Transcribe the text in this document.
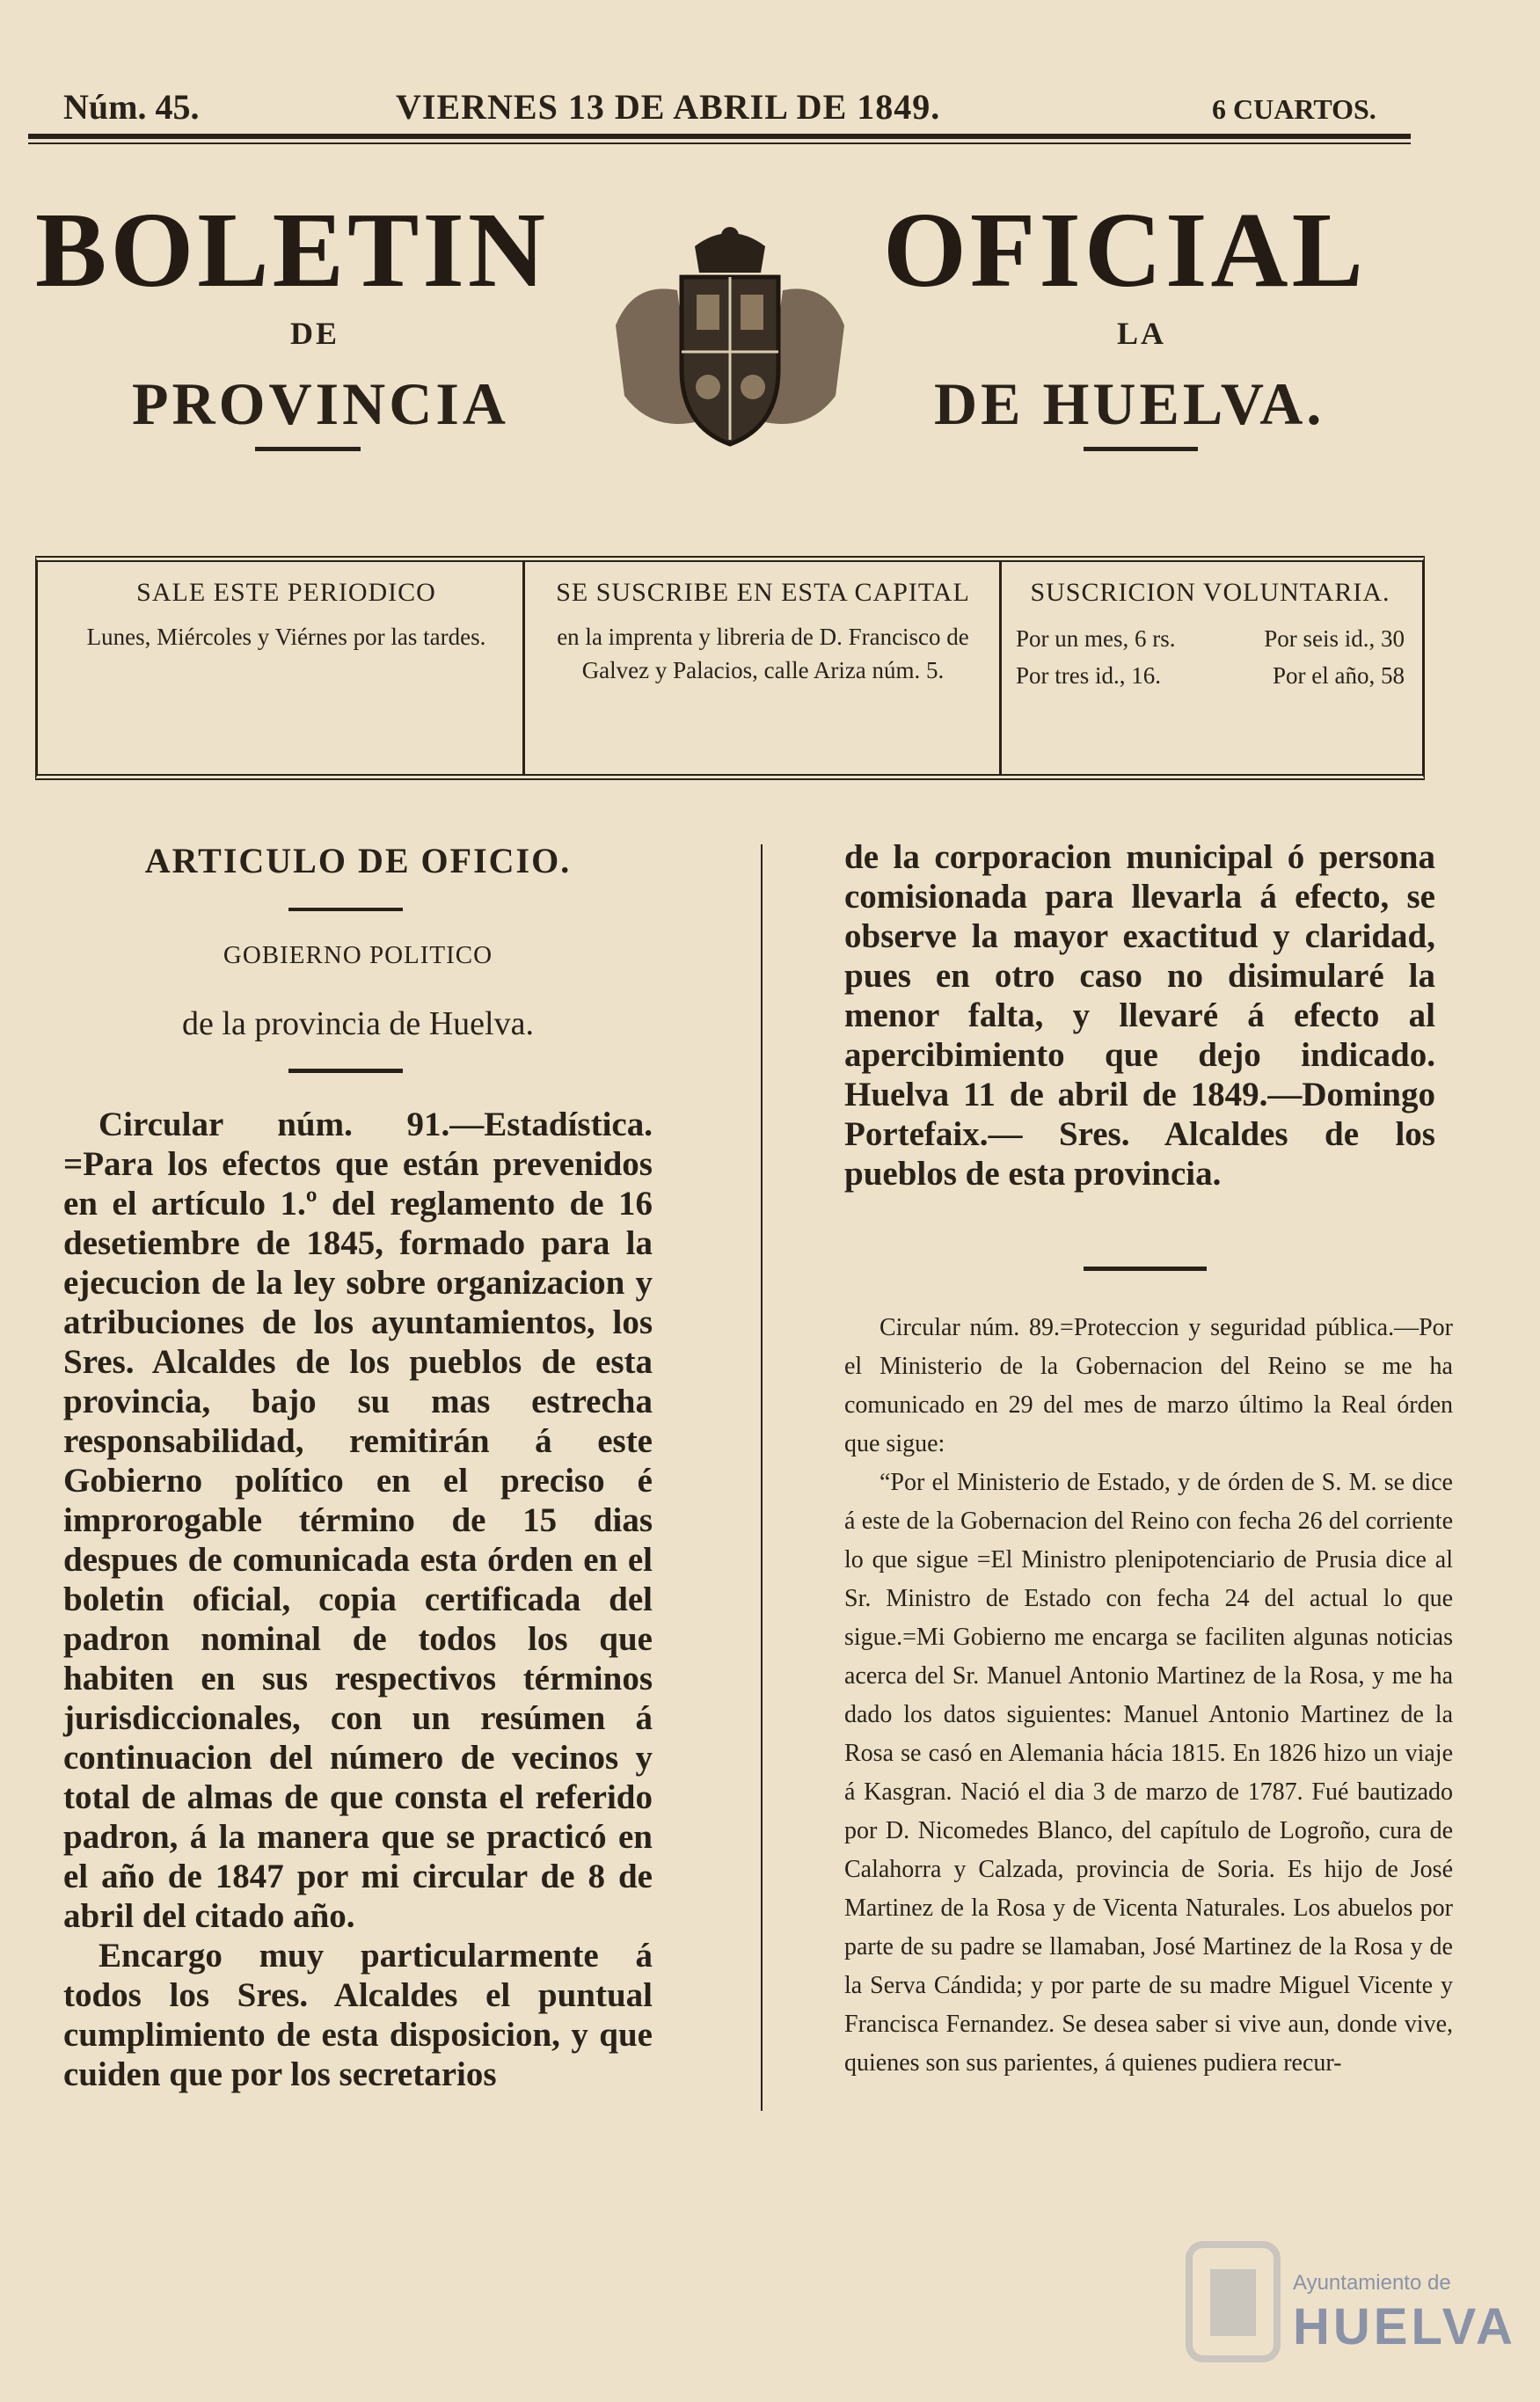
Núm. 45.	VIERNES 13 DE ABRIL DE 1849.	6 CUARTOS.
BOLETIN	OFICIAL
DE	LA
PROVINCIA	DE HUELVA.
SALE ESTE PERIODICO
Lunes, Miércoles y Viérnes por las tardes.
SE SUSCRIBE EN ESTA CAPITAL
en la imprenta y libreria de D. Francisco de Galvez y Palacios, calle Ariza núm. 5.
SUSCRICION VOLUNTARIA.
Por un mes, 6 rs.	Por seis id., 30
Por tres id., 16.	Por el año, 58
ARTICULO DE OFICIO.
GOBIERNO POLITICO
de la provincia de Huelva.

Circular núm. 91.—Estadística. =Para los efectos que están prevenidos en el artículo 1.º del reglamento de 16 desetiembre de 1845, formado para la ejecucion de la ley sobre organizacion y atribuciones de los ayuntamientos, los Sres. Alcaldes de los pueblos de esta provincia, bajo su mas estrecha responsabilidad, remitirán á este Gobierno político en el preciso é improrogable término de 15 dias despues de comunicada esta órden en el boletin oficial, copia certificada del padron nominal de todos los que habiten en sus respectivos términos jurisdiccionales, con un resúmen á continuacion del número de vecinos y total de almas de que consta el referido padron, á la manera que se practicó en el año de 1847 por mi circular de 8 de abril del citado año.

Encargo muy particularmente á todos los Sres. Alcaldes el puntual cumplimiento de esta disposicion, y que cuiden que por los secretarios

de la corporacion municipal ó persona comisionada para llevarla á efecto, se observe la mayor exactitud y claridad, pues en otro caso no disimularé la menor falta, y llevaré á efecto al apercibimiento que dejo indicado. Huelva 11 de abril de 1849.—Domingo Portefaix.— Sres. Alcaldes de los pueblos de esta provincia.

Circular núm. 89.=Proteccion y seguridad pública.—Por el Ministerio de la Gobernacion del Reino se me ha comunicado en 29 del mes de marzo último la Real órden que sigue:

“Por el Ministerio de Estado, y de órden de S. M. se dice á este de la Gobernacion del Reino con fecha 26 del corriente lo que sigue =El Ministro plenipotenciario de Prusia dice al Sr. Ministro de Estado con fecha 24 del actual lo que sigue.=Mi Gobierno me encarga se faciliten algunas noticias acerca del Sr. Manuel Antonio Martinez de la Rosa, y me ha dado los datos siguientes: Manuel Antonio Martinez de la Rosa se casó en Alemania hácia 1815. En 1826 hizo un viaje á Kasgran. Nació el dia 3 de marzo de 1787. Fué bautizado por D. Nicomedes Blanco, del capítulo de Logroño, cura de Calahorra y Calzada, provincia de Soria. Es hijo de José Martinez de la Rosa y de Vicenta Naturales. Los abuelos por parte de su padre se llamaban, José Martinez de la Rosa y de la Serva Cándida; y por parte de su madre Miguel Vicente y Francisca Fernandez. Se desea saber si vive aun, donde vive, quienes son sus parientes, á quienes pudiera recur-

Ayuntamiento de
HUELVA
